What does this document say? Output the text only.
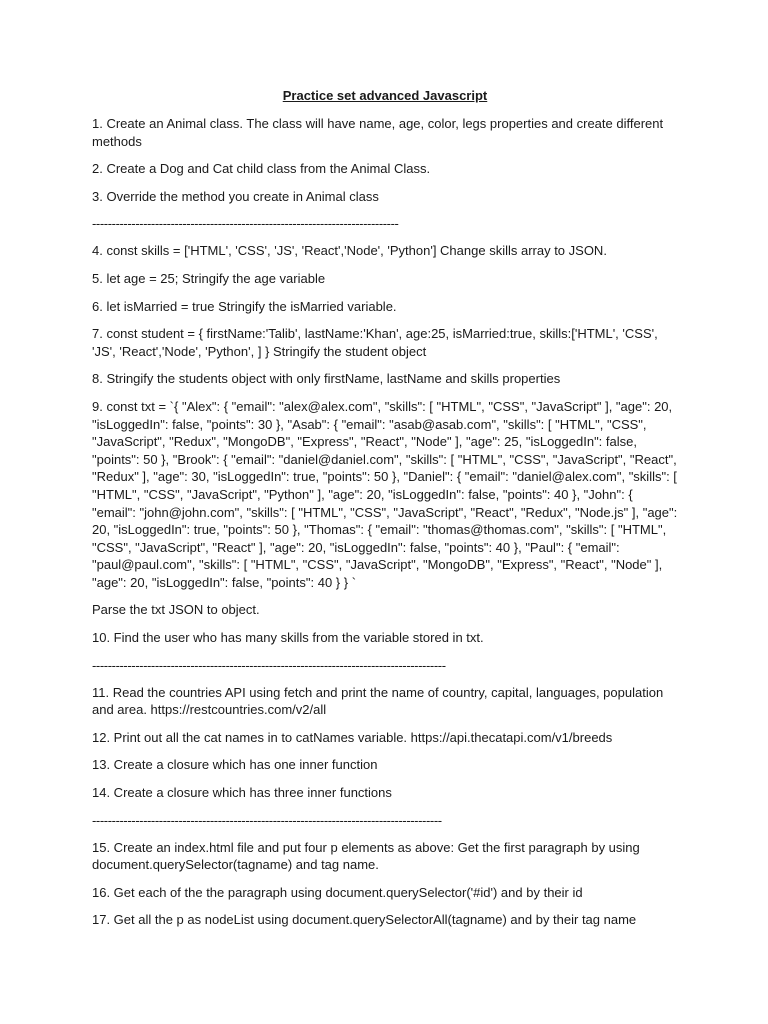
Practice set advanced Javascript
1. Create an Animal class. The class will have name, age, color, legs properties and create different methods
2. Create a Dog and Cat child class from the Animal Class.
3. Override the method you create in Animal class
------------------------------------------------------------------------------
4. const skills = ['HTML', 'CSS', 'JS', 'React','Node', 'Python'] Change skills array to JSON.
5. let age = 25; Stringify the age variable
6. let isMarried = true Stringify the isMarried variable.
7. const student = { firstName:'Talib', lastName:'Khan', age:25, isMarried:true, skills:['HTML', 'CSS', 'JS', 'React','Node', 'Python', ] } Stringify the student object
8. Stringify the students object with only firstName, lastName and skills properties
9. const txt = `{ "Alex": { "email": "alex@alex.com", "skills": [ "HTML", "CSS", "JavaScript" ], "age": 20, "isLoggedIn": false, "points": 30 }, "Asab": { "email": "asab@asab.com", "skills": [ "HTML", "CSS", "JavaScript", "Redux", "MongoDB", "Express", "React", "Node" ], "age": 25, "isLoggedIn": false, "points": 50 }, "Brook": { "email": "daniel@daniel.com", "skills": [ "HTML", "CSS", "JavaScript", "React", "Redux" ], "age": 30, "isLoggedIn": true, "points": 50 }, "Daniel": { "email": "daniel@alex.com", "skills": [ "HTML", "CSS", "JavaScript", "Python" ], "age": 20, "isLoggedIn": false, "points": 40 }, "John": { "email": "john@john.com", "skills": [ "HTML", "CSS", "JavaScript", "React", "Redux", "Node.js" ], "age": 20, "isLoggedIn": true, "points": 50 }, "Thomas": { "email": "thomas@thomas.com", "skills": [ "HTML", "CSS", "JavaScript", "React" ], "age": 20, "isLoggedIn": false, "points": 40 }, "Paul": { "email": "paul@paul.com", "skills": [ "HTML", "CSS", "JavaScript", "MongoDB", "Express", "React", "Node" ], "age": 20, "isLoggedIn": false, "points": 40 } } `
Parse the txt JSON to object.
10. Find the user who has many skills from the variable stored in txt.
------------------------------------------------------------------------------------------
11. Read the countries API using fetch and print the name of country, capital, languages, population and area. https://restcountries.com/v2/all
12. Print out all the cat names in to catNames variable. https://api.thecatapi.com/v1/breeds
13. Create a closure which has one inner function
14. Create a closure which has three inner functions
-----------------------------------------------------------------------------------------
15. Create an index.html file and put four p elements as above: Get the first paragraph by using document.querySelector(tagname) and tag name.
16. Get each of the the paragraph using document.querySelector('#id') and by their id
17. Get all the p as nodeList using document.querySelectorAll(tagname) and by their tag name
